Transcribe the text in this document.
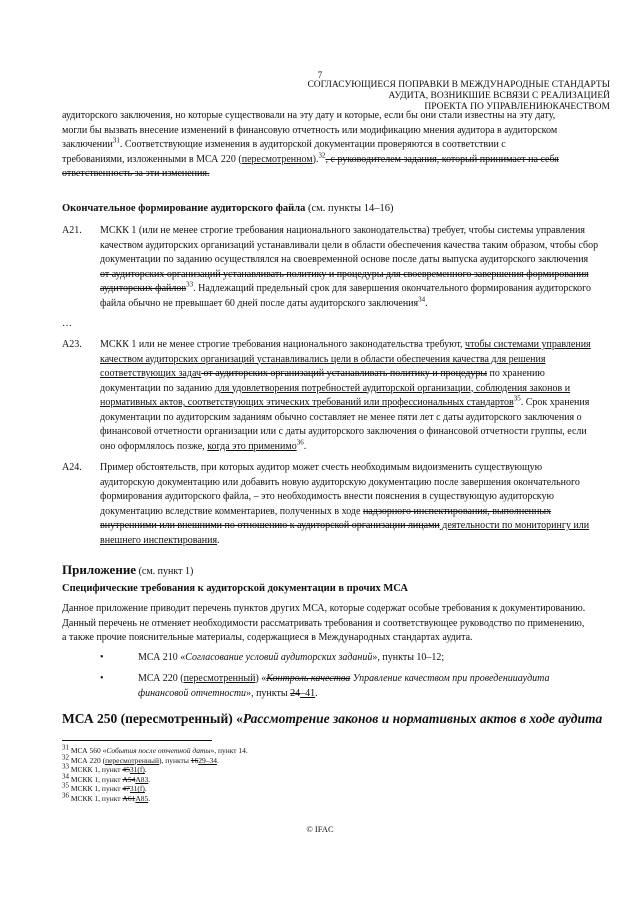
7
СОГЛАСУЮЩИЕСЯ ПОПРАВКИ В МЕЖДУНАРОДНЫЕ СТАНДАРТЫ
АУДИТА, ВОЗНИКШИЕ ВСВЯЗИ С РЕАЛИЗАЦИЕЙ
ПРОЕКТА ПО УПРАВЛЕНИЮКАЧЕСТВОМ
аудиторского заключения, но которые существовали на эту дату и которые, если бы они стали известны на эту дату,
могли бы вызвать внесение изменений в финансовую отчетность или модификацию мнения аудитора в аудиторском
заключении$^{31}$. Соответствующие изменения в аудиторской документации проверяются в соответствии с
требованиями, изложенными в МСА 220 (пересмотренном).$^{32}$, с руководителем задания, который принимает на себя
ответственность за эти изменения.
Окончательное формирование аудиторского файла (см. пункты 14–16)
A21. МСКК 1 (или не менее строгие требования национального законодательства) требует, чтобы системы управления
качеством аудиторских организаций устанавливали цели в области обеспечения качества таким образом, чтобы сбор
документации по заданию осуществлялся на своевременной основе после даты выпуска аудиторского заключения
от аудиторских организаций устанавливать политику и процедуры для своевременного завершения формирования
аудиторских файлов$^{33}$. Надлежащий предельный срок для завершения окончательного формирования аудиторского
файла обычно не превышает 60 дней после даты аудиторского заключения$^{34}$.
…
A23. МСКК 1 или не менее строгие требования национального законодательства требуют, чтобы системами управления
качеством аудиторских организаций устанавливались цели в области обеспечения качества для решения
соответствующих задач от аудиторских организаций устанавливать политику и процедуры по хранению
документации по заданию для удовлетворения потребностей аудиторской организации, соблюдения законов и
нормативных актов, соответствующих этических требований или профессиональных стандартов$^{35}$. Срок хранения
документации по аудиторским заданиям обычно составляет не менее пяти лет с даты аудиторского заключения о
финансовой отчетности организации или с даты аудиторского заключения о финансовой отчетности группы, если
оно оформлялось позже, когда это применимо$^{36}$.
A24. Пример обстоятельств, при которых аудитор может счесть необходимым видоизменить существующую
аудиторскую документацию или добавить новую аудиторскую документацию после завершения окончательного
формирования аудиторского файла, – это необходимость внести пояснения в существующую аудиторскую
документацию вследствие комментариев, полученных в ходе надзорного инспектирования, выполненных
внутренними или внешними по отношению к аудиторской организации лицами деятельности по мониторингу или
внешнего инспектирования.
Приложение (см. пункт 1)
Специфические требования к аудиторской документации в прочих МСА
Данное приложение приводит перечень пунктов других МСА, которые содержат особые требования к документированию.
Данный перечень не отменяет необходимости рассматривать требования и соответствующее руководство по применению,
а также прочие пояснительные материалы, содержащиеся в Международных стандартах аудита.
•	МСА 210 «Согласование условий аудиторских заданий», пункты 10–12;
•	МСА 220 (пересмотренный) «Контроль качества Управление качеством при проведенииаудита
финансовой отчетности», пункты 24–41.
МСА 250 (пересмотренный) «Рассмотрение законов и нормативных актов в ходе аудита
$^{31}$ МСА 560 «События после отчетной даты», пункт 14.
$^{32}$ МСА 220 (пересмотренный), пункты 1629–34.
$^{33}$ МСКК 1, пункт 4531(f).
$^{34}$ МСКК 1, пункт А54А83.
$^{35}$ МСКК 1, пункт 4731(f).
$^{36}$ МСКК 1, пункт А61А85.
© IFAC
